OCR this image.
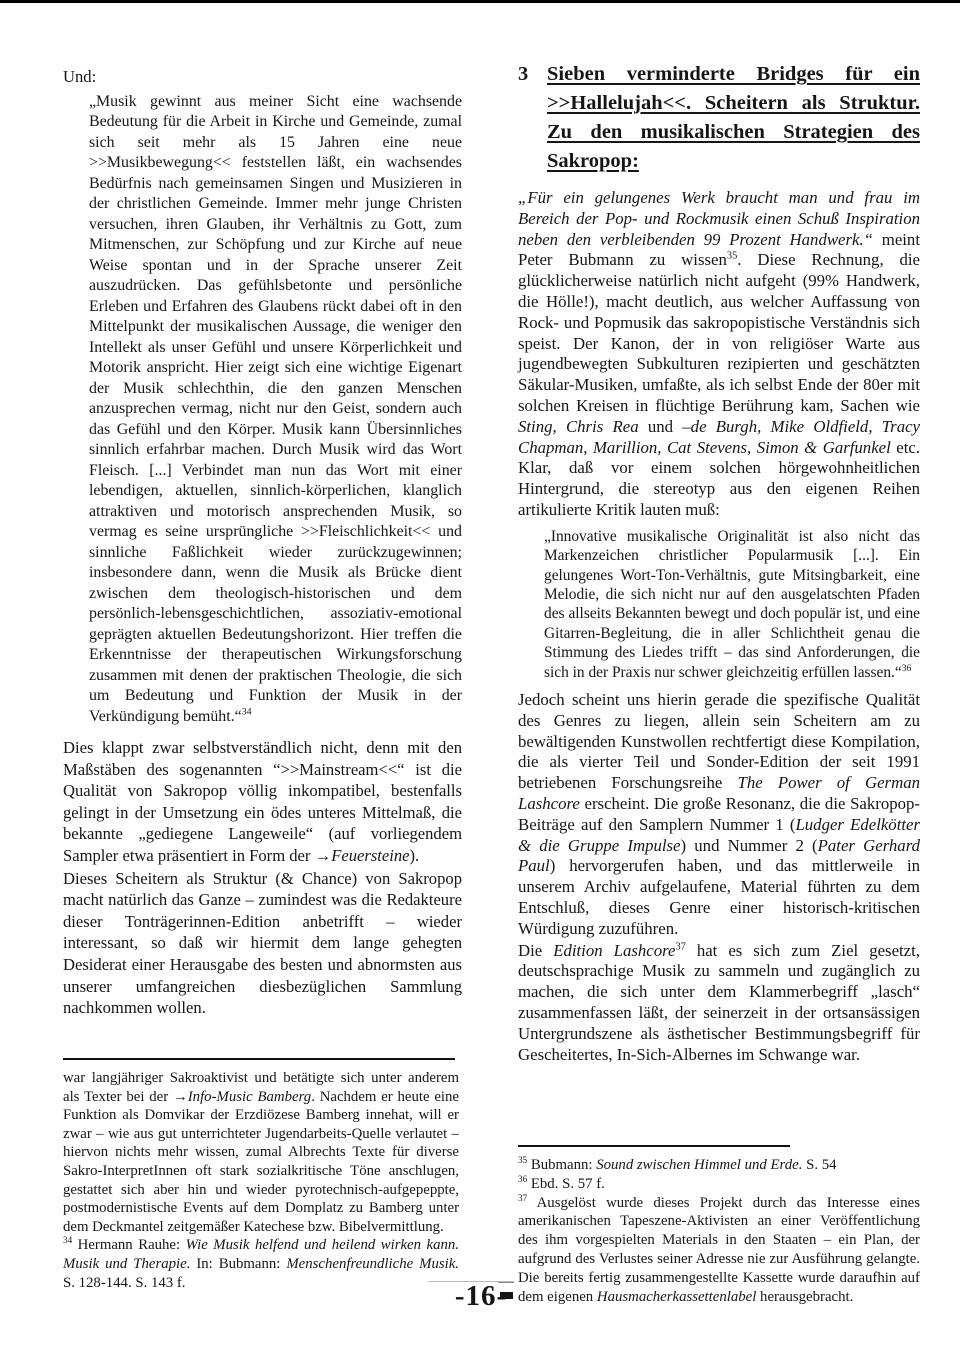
Und:

„Musik gewinnt aus meiner Sicht eine wachsende Bedeutung für die Arbeit in Kirche und Gemeinde, zumal sich seit mehr als 15 Jahren eine neue >>Musikbewegung<< feststellen läßt, ein wachsendes Bedürfnis nach gemeinsamen Singen und Musizieren in der christlichen Gemeinde. Immer mehr junge Christen versuchen, ihren Glauben, ihr Verhältnis zu Gott, zum Mitmenschen, zur Schöpfung und zur Kirche auf neue Weise spontan und in der Sprache unserer Zeit auszudrücken. Das gefühlsbetonte und persönliche Erleben und Erfahren des Glaubens rückt dabei oft in den Mittelpunkt der musikalischen Aussage, die weniger den Intellekt als unser Gefühl und unsere Körperlichkeit und Motorik anspricht. Hier zeigt sich eine wichtige Eigenart der Musik schlechthin, die den ganzen Menschen anzusprechen vermag, nicht nur den Geist, sondern auch das Gefühl und den Körper. Musik kann Übersinnliches sinnlich erfahrbar machen. Durch Musik wird das Wort Fleisch. [...] Verbindet man nun das Wort mit einer lebendigen, aktuellen, sinnlich-körperlichen, klanglich attraktiven und motorisch ansprechenden Musik, so vermag es seine ursprüngliche >>Fleischlichkeit<< und sinnliche Faßlichkeit wieder zurückzugewinnen; insbesondere dann, wenn die Musik als Brücke dient zwischen dem theologisch-historischen und dem persönlich-lebensgeschichtlichen, assoziativ-emotional geprägten aktuellen Bedeutungshorizont. Hier treffen die Erkenntnisse der therapeutischen Wirkungsforschung zusammen mit denen der praktischen Theologie, die sich um Bedeutung und Funktion der Musik in der Verkündigung bemüht.“$^{34}$

Dies klappt zwar selbstverständlich nicht, denn mit den Maßstäben des sogenannten “>>Mainstream<<“ ist die Qualität von Sakropop völlig inkompatibel, bestenfalls gelingt in der Umsetzung ein ödes unteres Mittelmaß, die bekannte „gediegene Langeweile“ (auf vorliegendem Sampler etwa präsentiert in Form der →Feuersteine).

Dieses Scheitern als Struktur (& Chance) von Sakropop macht natürlich das Ganze – zumindest was die Redakteure dieser Tonträgerinnen-Edition anbetrifft – wieder interessant, so daß wir hiermit dem lange gehegten Desiderat einer Herausgabe des besten und abnormsten aus unserer umfangreichen diesbezüglichen Sammlung nachkommen wollen.

war langjähriger Sakroaktivist und betätigte sich unter anderem als Texter bei der →Info-Music Bamberg. Nachdem er heute eine Funktion als Domvikar der Erzdiözese Bamberg innehat, will er zwar – wie aus gut unterrichteter Jugendarbeits-Quelle verlautet – hiervon nichts mehr wissen, zumal Albrechts Texte für diverse Sakro-InterpretInnen oft stark sozialkritische Töne anschlugen, gestattet sich aber hin und wieder pyrotechnisch-aufgepeppte, postmodernistische Events auf dem Domplatz zu Bamberg unter dem Deckmantel zeitgemäßer Katechese bzw. Bibelvermittlung.

$^{34}$ Hermann Rauhe: Wie Musik helfend und heilend wirken kann. Musik und Therapie. In: Bubmann: Menschenfreundliche Musik. S. 128-144. S. 143 f.

3 Sieben verminderte Bridges für ein >>Hallelujah<<. Scheitern als Struktur. Zu den musikalischen Strategien des Sakropop:

„Für ein gelungenes Werk braucht man und frau im Bereich der Pop- und Rockmusik einen Schuß Inspiration neben den verbleibenden 99 Prozent Handwerk.“ meint Peter Bubmann zu wissen$^{35}$. Diese Rechnung, die glücklicherweise natürlich nicht aufgeht (99% Handwerk, die Hölle!), macht deutlich, aus welcher Auffassung von Rock- und Popmusik das sakropopistische Verständnis sich speist. Der Kanon, der in von religiöser Warte aus jugendbewegten Subkulturen rezipierten und geschätzten Säkular-Musiken, umfaßte, als ich selbst Ende der 80er mit solchen Kreisen in flüchtige Berührung kam, Sachen wie Sting, Chris Rea und –de Burgh, Mike Oldfield, Tracy Chapman, Marillion, Cat Stevens, Simon & Garfunkel etc. Klar, daß vor einem solchen hörgewohnheitlichen Hintergrund, die stereotyp aus den eigenen Reihen artikulierte Kritik lauten muß:

„Innovative musikalische Originalität ist also nicht das Markenzeichen christlicher Popularmusik [...]. Ein gelungenes Wort-Ton-Verhältnis, gute Mitsingbarkeit, eine Melodie, die sich nicht nur auf den ausgelatschten Pfaden des allseits Bekannten bewegt und doch populär ist, und eine Gitarren-Begleitung, die in aller Schlichtheit genau die Stimmung des Liedes trifft – das sind Anforderungen, die sich in der Praxis nur schwer gleichzeitig erfüllen lassen.“$^{36}$

Jedoch scheint uns hierin gerade die spezifische Qualität des Genres zu liegen, allein sein Scheitern am zu bewältigenden Kunstwollen rechtfertigt diese Kompilation, die als vierter Teil und Sonder-Edition der seit 1991 betriebenen Forschungsreihe The Power of German Lashcore erscheint. Die große Resonanz, die die Sakropop-Beiträge auf den Samplern Nummer 1 (Ludger Edelkötter & die Gruppe Impulse) und Nummer 2 (Pater Gerhard Paul) hervorgerufen haben, und das mittlerweile in unserem Archiv aufgelaufene, Material führten zu dem Entschluß, dieses Genre einer historisch-kritischen Würdigung zuzuführen.

Die Edition Lashcore$^{37}$ hat es sich zum Ziel gesetzt, deutschsprachige Musik zu sammeln und zugänglich zu machen, die sich unter dem Klammerbegriff „lasch“ zusammenfassen läßt, der seinerzeit in der ortsansässigen Untergrundszene als ästhetischer Bestimmungsbegriff für Gescheitertes, In-Sich-Albernes im Schwange war.

$^{35}$ Bubmann: Sound zwischen Himmel und Erde. S. 54

$^{36}$ Ebd. S. 57 f.

$^{37}$ Ausgelöst wurde dieses Projekt durch das Interesse eines amerikanischen Tapeszene-Aktivisten an einer Veröffentlichung des ihm vorgespielten Materials in den Staaten – ein Plan, der aufgrund des Verlustes seiner Adresse nie zur Ausführung gelangte. Die bereits fertig zusammengestellte Kassette wurde daraufhin auf dem eigenen Hausmacherkassettenlabel herausgebracht.

-16-
